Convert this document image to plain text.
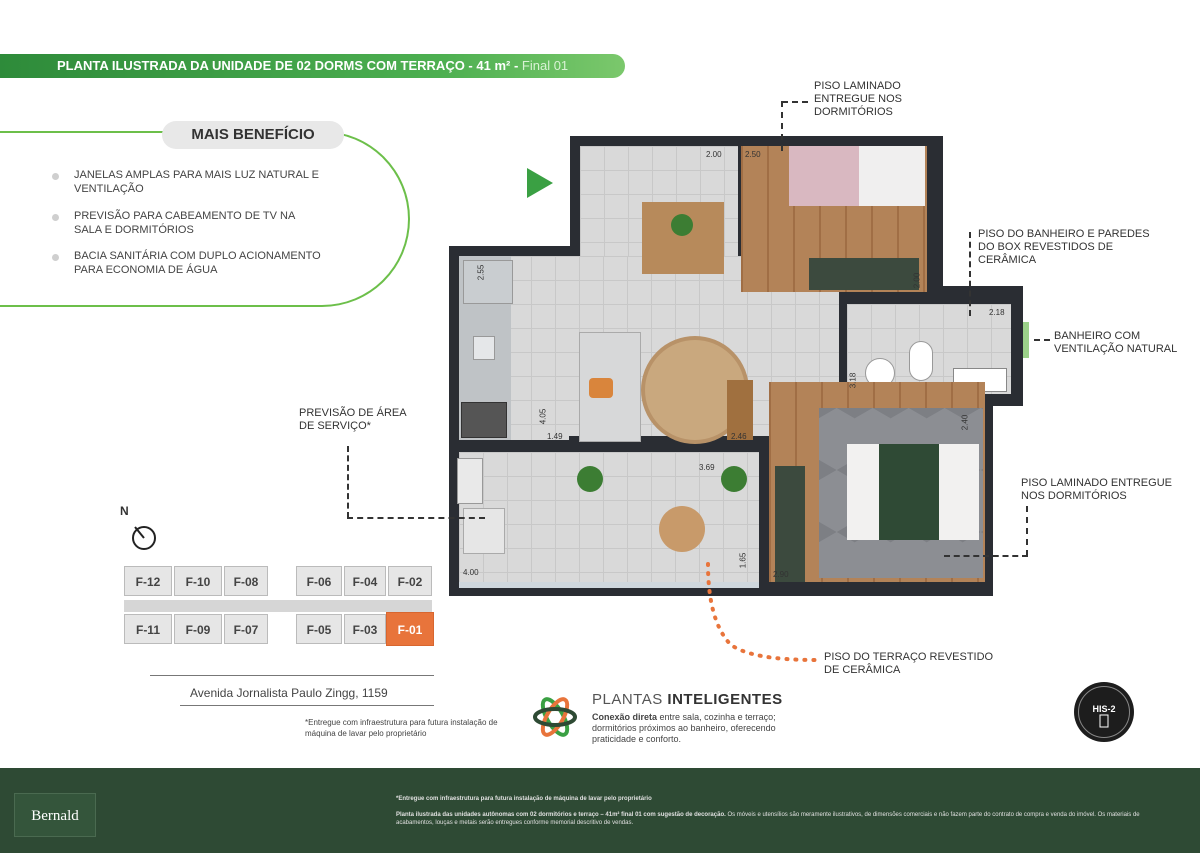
PLANTA ILUSTRADA DA UNIDADE DE 02 DORMS COM TERRAÇO - 41 m² - Final 01
MAIS BENEFÍCIO
JANELAS AMPLAS PARA MAIS LUZ NATURAL E VENTILAÇÃO
PREVISÃO PARA CABEAMENTO DE TV NA SALA E DORMITÓRIOS
BACIA SANITÁRIA COM DUPLO ACIONAMENTO PARA ECONOMIA DE ÁGUA
2.00	2.50
2.00
2.55
2.18
1.49
4.05
2.46
3.18
2.40
3.69
4.00
1.65
2.90
PISO LAMINADO ENTREGUE NOS DORMITÓRIOS
PISO DO BANHEIRO E PAREDES DO BOX REVESTIDOS DE CERÂMICA
BANHEIRO COM VENTILAÇÃO NATURAL
PISO LAMINADO ENTREGUE NOS DORMITÓRIOS
PREVISÃO DE ÁREA DE SERVIÇO*
PISO DO TERRAÇO REVESTIDO DE CERÂMICA
N
F-12	F-10	F-08	F-06	F-04	F-02
F-11	F-09	F-07	F-05	F-03	F-01
Avenida Jornalista Paulo Zingg, 1159
*Entregue com infraestrutura para futura instalação de máquina de lavar pelo proprietário
PLANTAS INTELIGENTES
Conexão direta entre sala, cozinha e terraço; dormitórios próximos ao banheiro, oferecendo praticidade e conforto.
HIS-2
Bernald
*Entregue com infraestrutura para futura instalação de máquina de lavar pelo proprietário
Planta ilustrada das unidades autônomas com 02 dormitórios e terraço – 41m² final 01 com sugestão de decoração. Os móveis e utensílios são meramente ilustrativos, de dimensões comerciais e não fazem parte do contrato de compra e venda do imóvel. Os materiais de acabamentos, louças e metais serão entregues conforme memorial descritivo de vendas.
